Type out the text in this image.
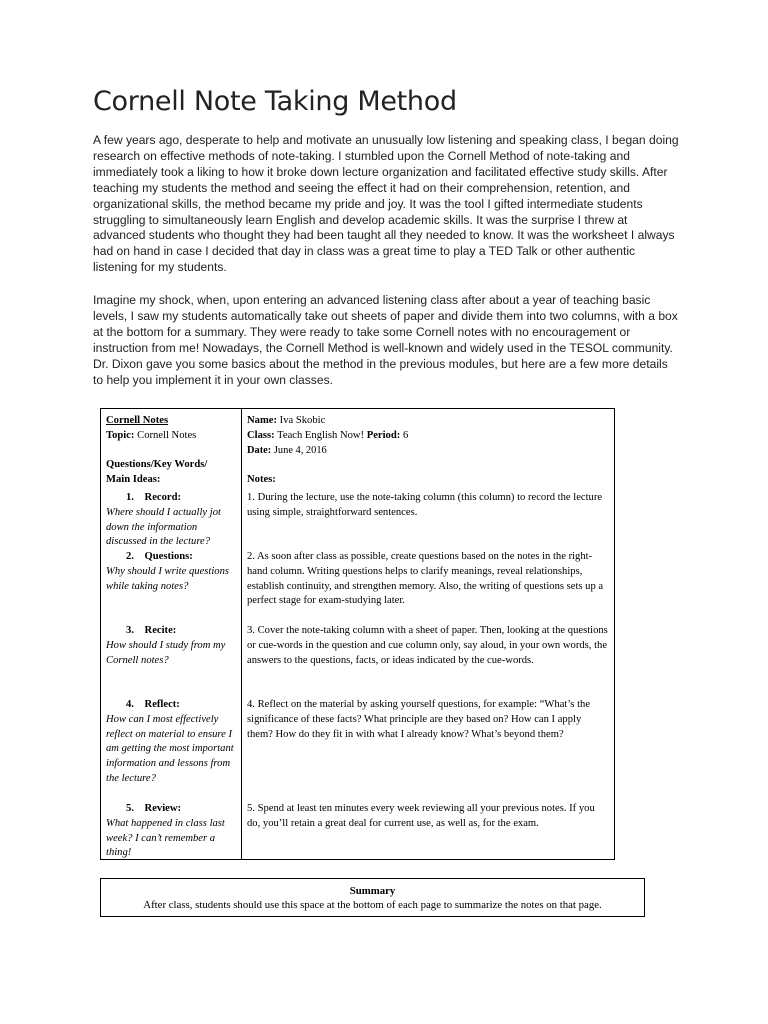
Cornell Note Taking Method

A few years ago, desperate to help and motivate an unusually low listening and speaking class, I began doing research on effective methods of note-taking. I stumbled upon the Cornell Method of note-taking and immediately took a liking to how it broke down lecture organization and facilitated effective study skills. After teaching my students the method and seeing the effect it had on their comprehension, retention, and organizational skills, the method became my pride and joy. It was the tool I gifted intermediate students struggling to simultaneously learn English and develop academic skills. It was the surprise I threw at advanced students who thought they had been taught all they needed to know. It was the worksheet I always had on hand in case I decided that day in class was a great time to play a TED Talk or other authentic listening for my students.

Imagine my shock, when, upon entering an advanced listening class after about a year of teaching basic levels, I saw my students automatically take out sheets of paper and divide them into two columns, with a box at the bottom for a summary. They were ready to take some Cornell notes with no encouragement or instruction from me! Nowadays, the Cornell Method is well-known and widely used in the TESOL community. Dr. Dixon gave you some basics about the method in the previous modules, but here are a few more details to help you implement it in your own classes.

Cornell Notes
Topic: Cornell Notes
Questions/Key Words/
Main Ideas:
1.    Record:
Where should I actually jot down the information discussed in the lecture?
2.    Questions:
Why should I write questions while taking notes?
3.    Recite:
How should I study from my Cornell notes?
4.    Reflect:
How can I most effectively reflect on material to ensure I am getting the most important information and lessons from the lecture?
5.    Review:
What happened in class last week? I can’t remember a thing!
Name: Iva Skobic
Class: Teach English Now! Period: 6
Date: June 4, 2016
Notes:
1. During the lecture, use the note-taking column (this column) to record the lecture using simple, straightforward sentences.
2. As soon after class as possible, create questions based on the notes in the right-hand column. Writing questions helps to clarify meanings, reveal relationships, establish continuity, and strengthen memory. Also, the writing of questions sets up a perfect stage for exam-studying later.
3. Cover the note-taking column with a sheet of paper. Then, looking at the questions or cue-words in the question and cue column only, say aloud, in your own words, the answers to the questions, facts, or ideas indicated by the cue-words.
4. Reflect on the material by asking yourself questions, for example: “What’s the significance of these facts? What principle are they based on? How can I apply them? How do they fit in with what I already know? What’s beyond them?
5. Spend at least ten minutes every week reviewing all your previous notes. If you do, you’ll retain a great deal for current use, as well as, for the exam.
Summary
After class, students should use this space at the bottom of each page to summarize the notes on that page.
